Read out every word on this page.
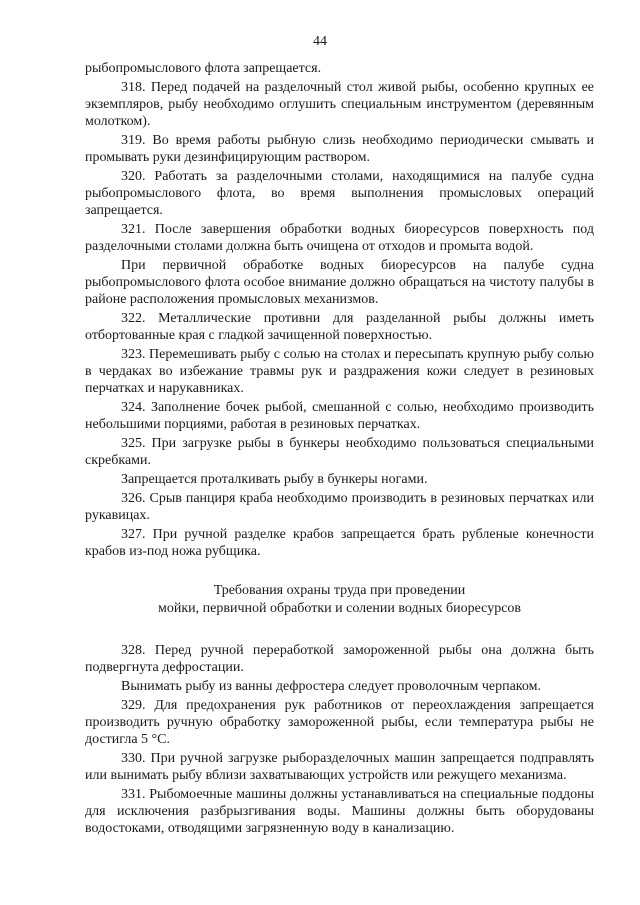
44

рыбопромыслового флота запрещается.

318. Перед подачей на разделочный стол живой рыбы, особенно крупных ее экземпляров, рыбу необходимо оглушить специальным инструментом (деревянным молотком).

319. Во время работы рыбную слизь необходимо периодически смывать и промывать руки дезинфицирующим раствором.

320. Работать за разделочными столами, находящимися на палубе судна рыбопромыслового флота, во время выполнения промысловых операций запрещается.

321. После завершения обработки водных биоресурсов поверхность под разделочными столами должна быть очищена от отходов и промыта водой.

При первичной обработке водных биоресурсов на палубе судна рыбопромыслового флота особое внимание должно обращаться на чистоту палубы в районе расположения промысловых механизмов.

322. Металлические противни для разделанной рыбы должны иметь отбортованные края с гладкой зачищенной поверхностью.

323. Перемешивать рыбу с солью на столах и пересыпать крупную рыбу солью в чердаках во избежание травмы рук и раздражения кожи следует в резиновых перчатках и нарукавниках.

324. Заполнение бочек рыбой, смешанной с солью, необходимо производить небольшими порциями, работая в резиновых перчатках.

325. При загрузке рыбы в бункеры необходимо пользоваться специальными скребками.

Запрещается проталкивать рыбу в бункеры ногами.

326. Срыв панциря краба необходимо производить в резиновых перчатках или рукавицах.

327. При ручной разделке крабов запрещается брать рубленые конечности крабов из-под ножа рубщика.

Требования охраны труда при проведении
мойки, первичной обработки и солении водных биоресурсов

328. Перед ручной переработкой замороженной рыбы она должна быть подвергнута дефростации.

Вынимать рыбу из ванны дефростера следует проволочным черпаком.

329. Для предохранения рук работников от переохлаждения запрещается производить ручную обработку замороженной рыбы, если температура рыбы не достигла 5 °С.

330. При ручной загрузке рыборазделочных машин запрещается подправлять или вынимать рыбу вблизи захватывающих устройств или режущего механизма.

331. Рыбомоечные машины должны устанавливаться на специальные поддоны для исключения разбрызгивания воды. Машины должны быть оборудованы водостоками, отводящими загрязненную воду в канализацию.
